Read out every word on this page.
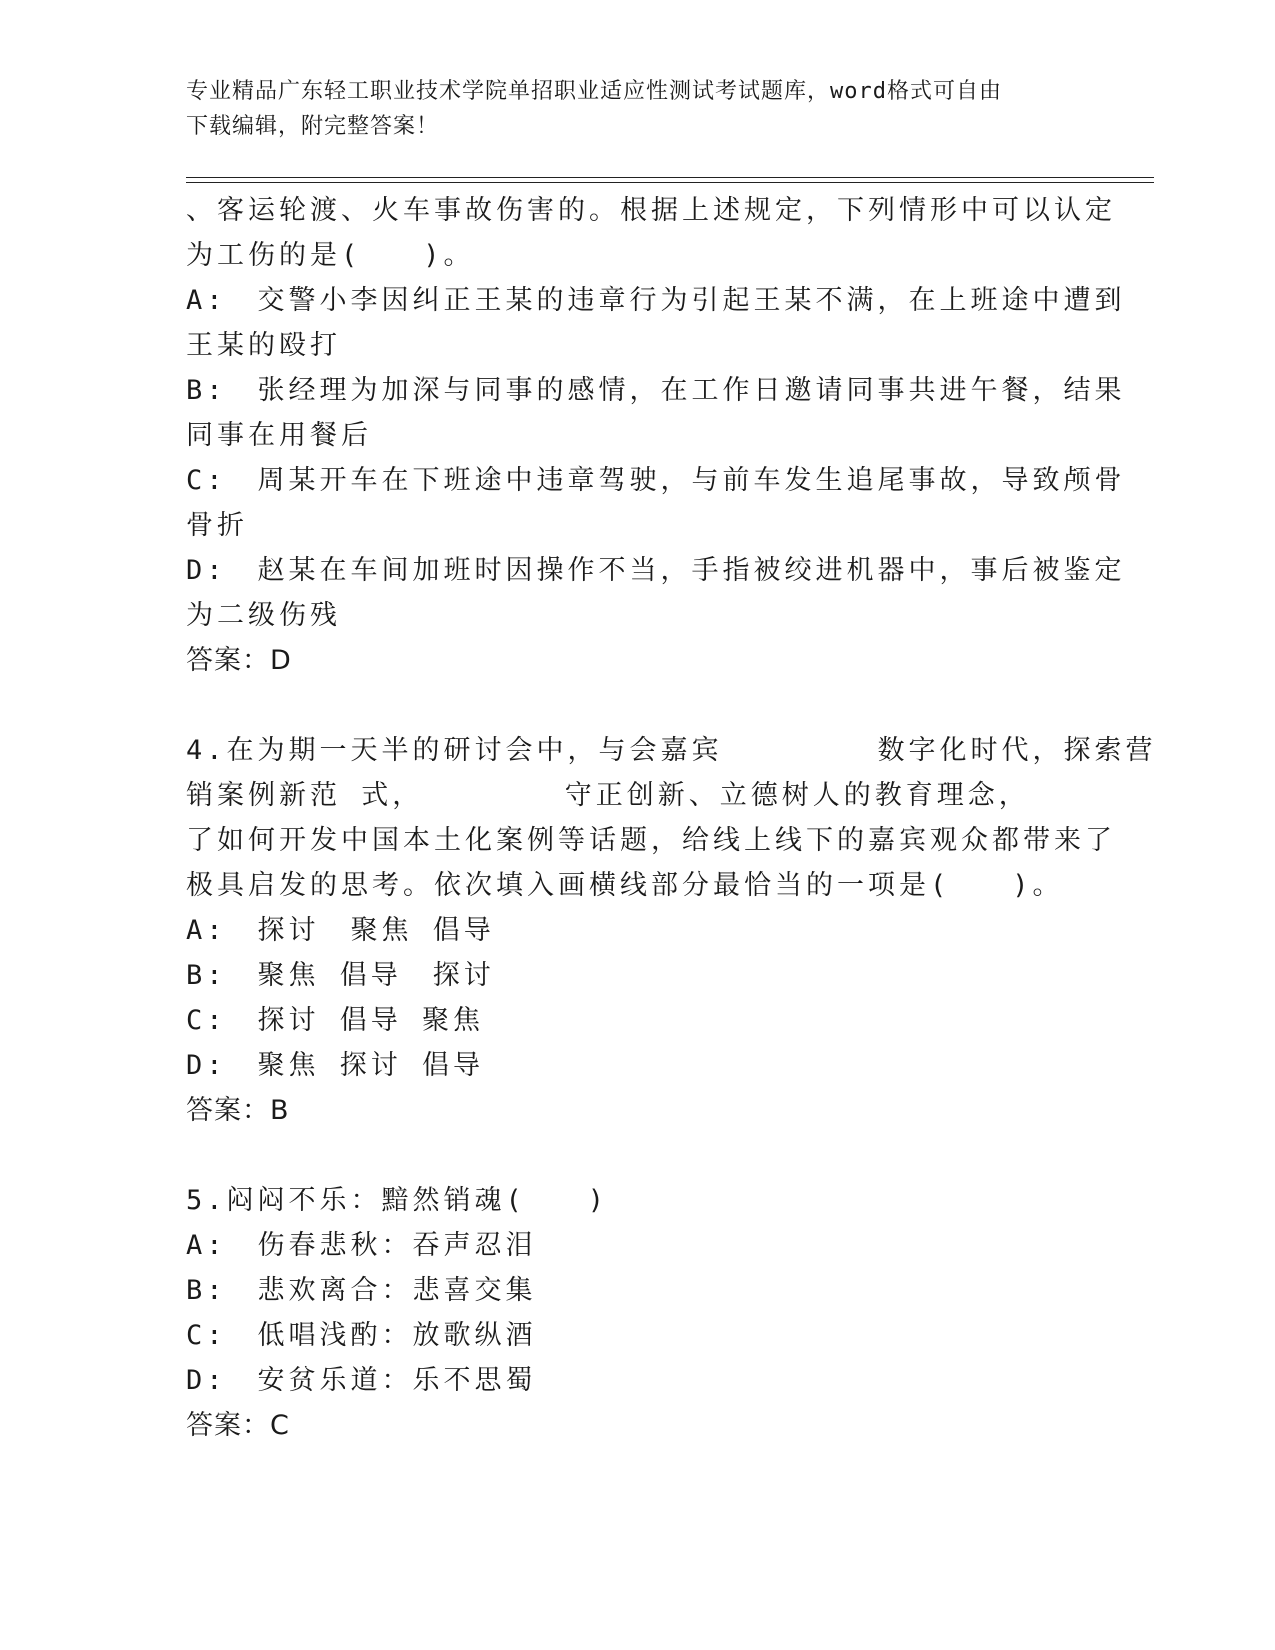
专业精品广东轻工职业技术学院单招职业适应性测试考试题库，word格式可自由
下载编辑，附完整答案！
、客运轮渡、火车事故伤害的。根据上述规定，下列情形中可以认定
为工伤的是(　　)。
A:　交警小李因纠正王某的违章行为引起王某不满，在上班途中遭到
王某的殴打
B:　张经理为加深与同事的感情，在工作日邀请同事共进午餐，结果
同事在用餐后
C:　周某开车在下班途中违章驾驶，与前车发生追尾事故，导致颅骨
骨折
D:　赵某在车间加班时因操作不当，手指被绞进机器中，事后被鉴定
为二级伤残
答案：D
4.在为期一天半的研讨会中，与会嘉宾　　　　　数字化时代，探索营
销案例新范 式，　　　　　守正创新、立德树人的教育理念，
了如何开发中国本土化案例等话题，给线上线下的嘉宾观众都带来了
极具启发的思考。依次填入画横线部分最恰当的一项是(　　)。
A:　探讨　聚焦 倡导
B:　聚焦 倡导　探讨
C:　探讨 倡导 聚焦
D:　聚焦 探讨 倡导
答案：B
5.闷闷不乐：黯然销魂(　　)
A:　伤春悲秋：吞声忍泪
B:　悲欢离合：悲喜交集
C:　低唱浅酌：放歌纵酒
D:　安贫乐道：乐不思蜀
答案：C
